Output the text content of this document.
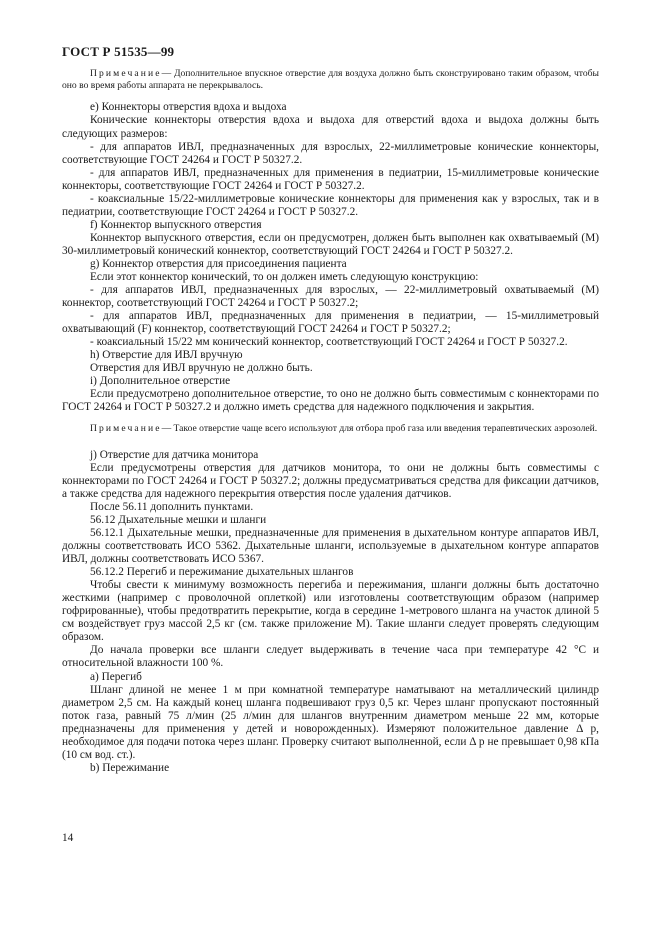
ГОСТ Р 51535—99

Примечание— Дополнительное впускное отверстие для воздуха должно быть сконструировано таким образом, чтобы оно во время работы аппарата не перекрывалось.

е) Коннекторы отверстия вдоха и выдоха

Конические коннекторы отверстия вдоха и выдоха для отверстий вдоха и выдоха должны быть следующих размеров:

- для аппаратов ИВЛ, предназначенных для взрослых, 22-миллиметровые конические коннекторы, соответствующие ГОСТ 24264 и ГОСТ Р 50327.2.

- для аппаратов ИВЛ, предназначенных для применения в педиатрии, 15-миллиметровые конические коннекторы, соответствующие ГОСТ 24264 и ГОСТ Р 50327.2.

- коаксиальные 15/22-миллиметровые конические коннекторы для применения как у взрослых, так и в педиатрии, соответствующие ГОСТ 24264 и ГОСТ Р 50327.2.

f) Коннектор выпускного отверстия

Коннектор выпускного отверстия, если он предусмотрен, должен быть выполнен как охватываемый (М) 30-миллиметровый конический коннектор, соответствующий ГОСТ 24264 и ГОСТ Р 50327.2.

g) Коннектор отверстия для присоединения пациента

Если этот коннектор конический, то он должен иметь следующую конструкцию:

- для аппаратов ИВЛ, предназначенных для взрослых, — 22-миллиметровый охватываемый (М) коннектор, соответствующий ГОСТ 24264 и ГОСТ Р 50327.2;

- для аппаратов ИВЛ, предназначенных для применения в педиатрии, — 15-миллиметровый охватывающий (F) коннектор, соответствующий ГОСТ 24264 и ГОСТ Р 50327.2;

- коаксиальный 15/22 мм конический коннектор, соответствующий ГОСТ 24264 и ГОСТ Р 50327.2.

h) Отверстие для ИВЛ вручную

Отверстия для ИВЛ вручную не должно быть.

i) Дополнительное отверстие

Если предусмотрено дополнительное отверстие, то оно не должно быть совместимым с коннекторами по ГОСТ 24264 и ГОСТ Р 50327.2 и должно иметь средства для надежного подключения и закрытия.

Примечание— Такое отверстие чаще всего используют для отбора проб газа или введения терапевтических аэрозолей.

j) Отверстие для датчика монитора

Если предусмотрены отверстия для датчиков монитора, то они не должны быть совместимы с коннекторами по ГОСТ 24264 и ГОСТ Р 50327.2; должны предусматриваться средства для фиксации датчиков, а также средства для надежного перекрытия отверстия после удаления датчиков.

После 56.11 дополнить пунктами.

56.12 Дыхательные мешки и шланги

56.12.1 Дыхательные мешки, предназначенные для применения в дыхательном контуре аппаратов ИВЛ, должны соответствовать ИСО 5362. Дыхательные шланги, используемые в дыхательном контуре аппаратов ИВЛ, должны соответствовать ИСО 5367.

56.12.2 Перегиб и пережимание дыхательных шлангов

Чтобы свести к минимуму возможность перегиба и пережимания, шланги должны быть достаточно жесткими (например с проволочной оплеткой) или изготовлены соответствующим образом (например гофрированные), чтобы предотвратить перекрытие, когда в середине 1-метрового шланга на участок длиной 5 см воздействует груз массой 2,5 кг (см. также приложение М). Такие шланги следует проверять следующим образом.

До начала проверки все шланги следует выдерживать в течение часа при температуре 42 °С и относительной влажности 100 %.

а) Перегиб

Шланг длиной не менее 1 м при комнатной температуре наматывают на металлический цилиндр диаметром 2,5 см. На каждый конец шланга подвешивают груз 0,5 кг. Через шланг пропускают постоянный поток газа, равный 75 л/мин (25 л/мин для шлангов внутренним диаметром меньше 22 мм, которые предназначены для применения у детей и новорожденных). Измеряют положительное давление Δ p, необходимое для подачи потока через шланг. Проверку считают выполненной, если Δ p не превышает 0,98 кПа (10 см вод. ст.).

b) Пережимание

14
